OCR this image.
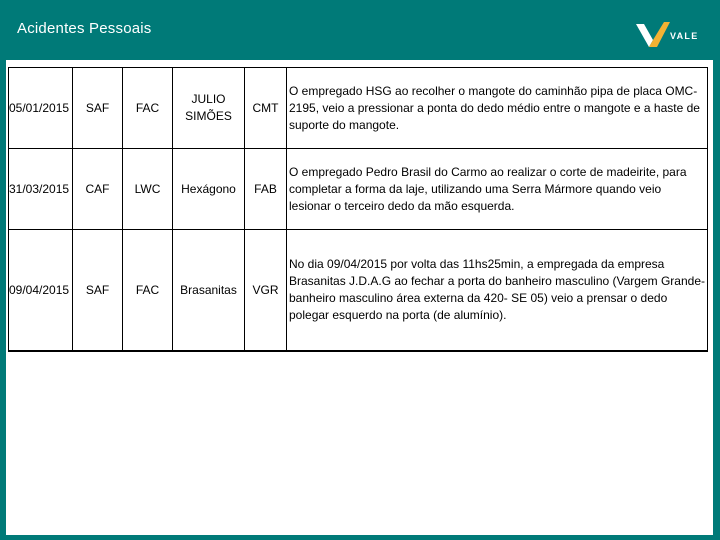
Acidentes Pessoais	VALE
05/01/2015	SAF	FAC	JULIO SIMÕES	CMT	O empregado HSG ao recolher o mangote do caminhão pipa de placa OMC-2195, veio a pressionar a ponta do dedo médio entre o mangote e a haste de suporte do mangote.
31/03/2015	CAF	LWC	Hexágono	FAB	O empregado Pedro Brasil do Carmo ao realizar o corte de madeirite, para completar a forma da laje, utilizando uma Serra Mármore quando veio lesionar o terceiro dedo da mão esquerda.
09/04/2015	SAF	FAC	Brasanitas	VGR	No dia 09/04/2015 por volta das 11hs25min, a empregada da empresa Brasanitas J.D.A.G ao fechar a porta do banheiro masculino (Vargem Grande-banheiro masculino área externa da 420- SE 05) veio a prensar o dedo polegar esquerdo na porta (de alumínio).
